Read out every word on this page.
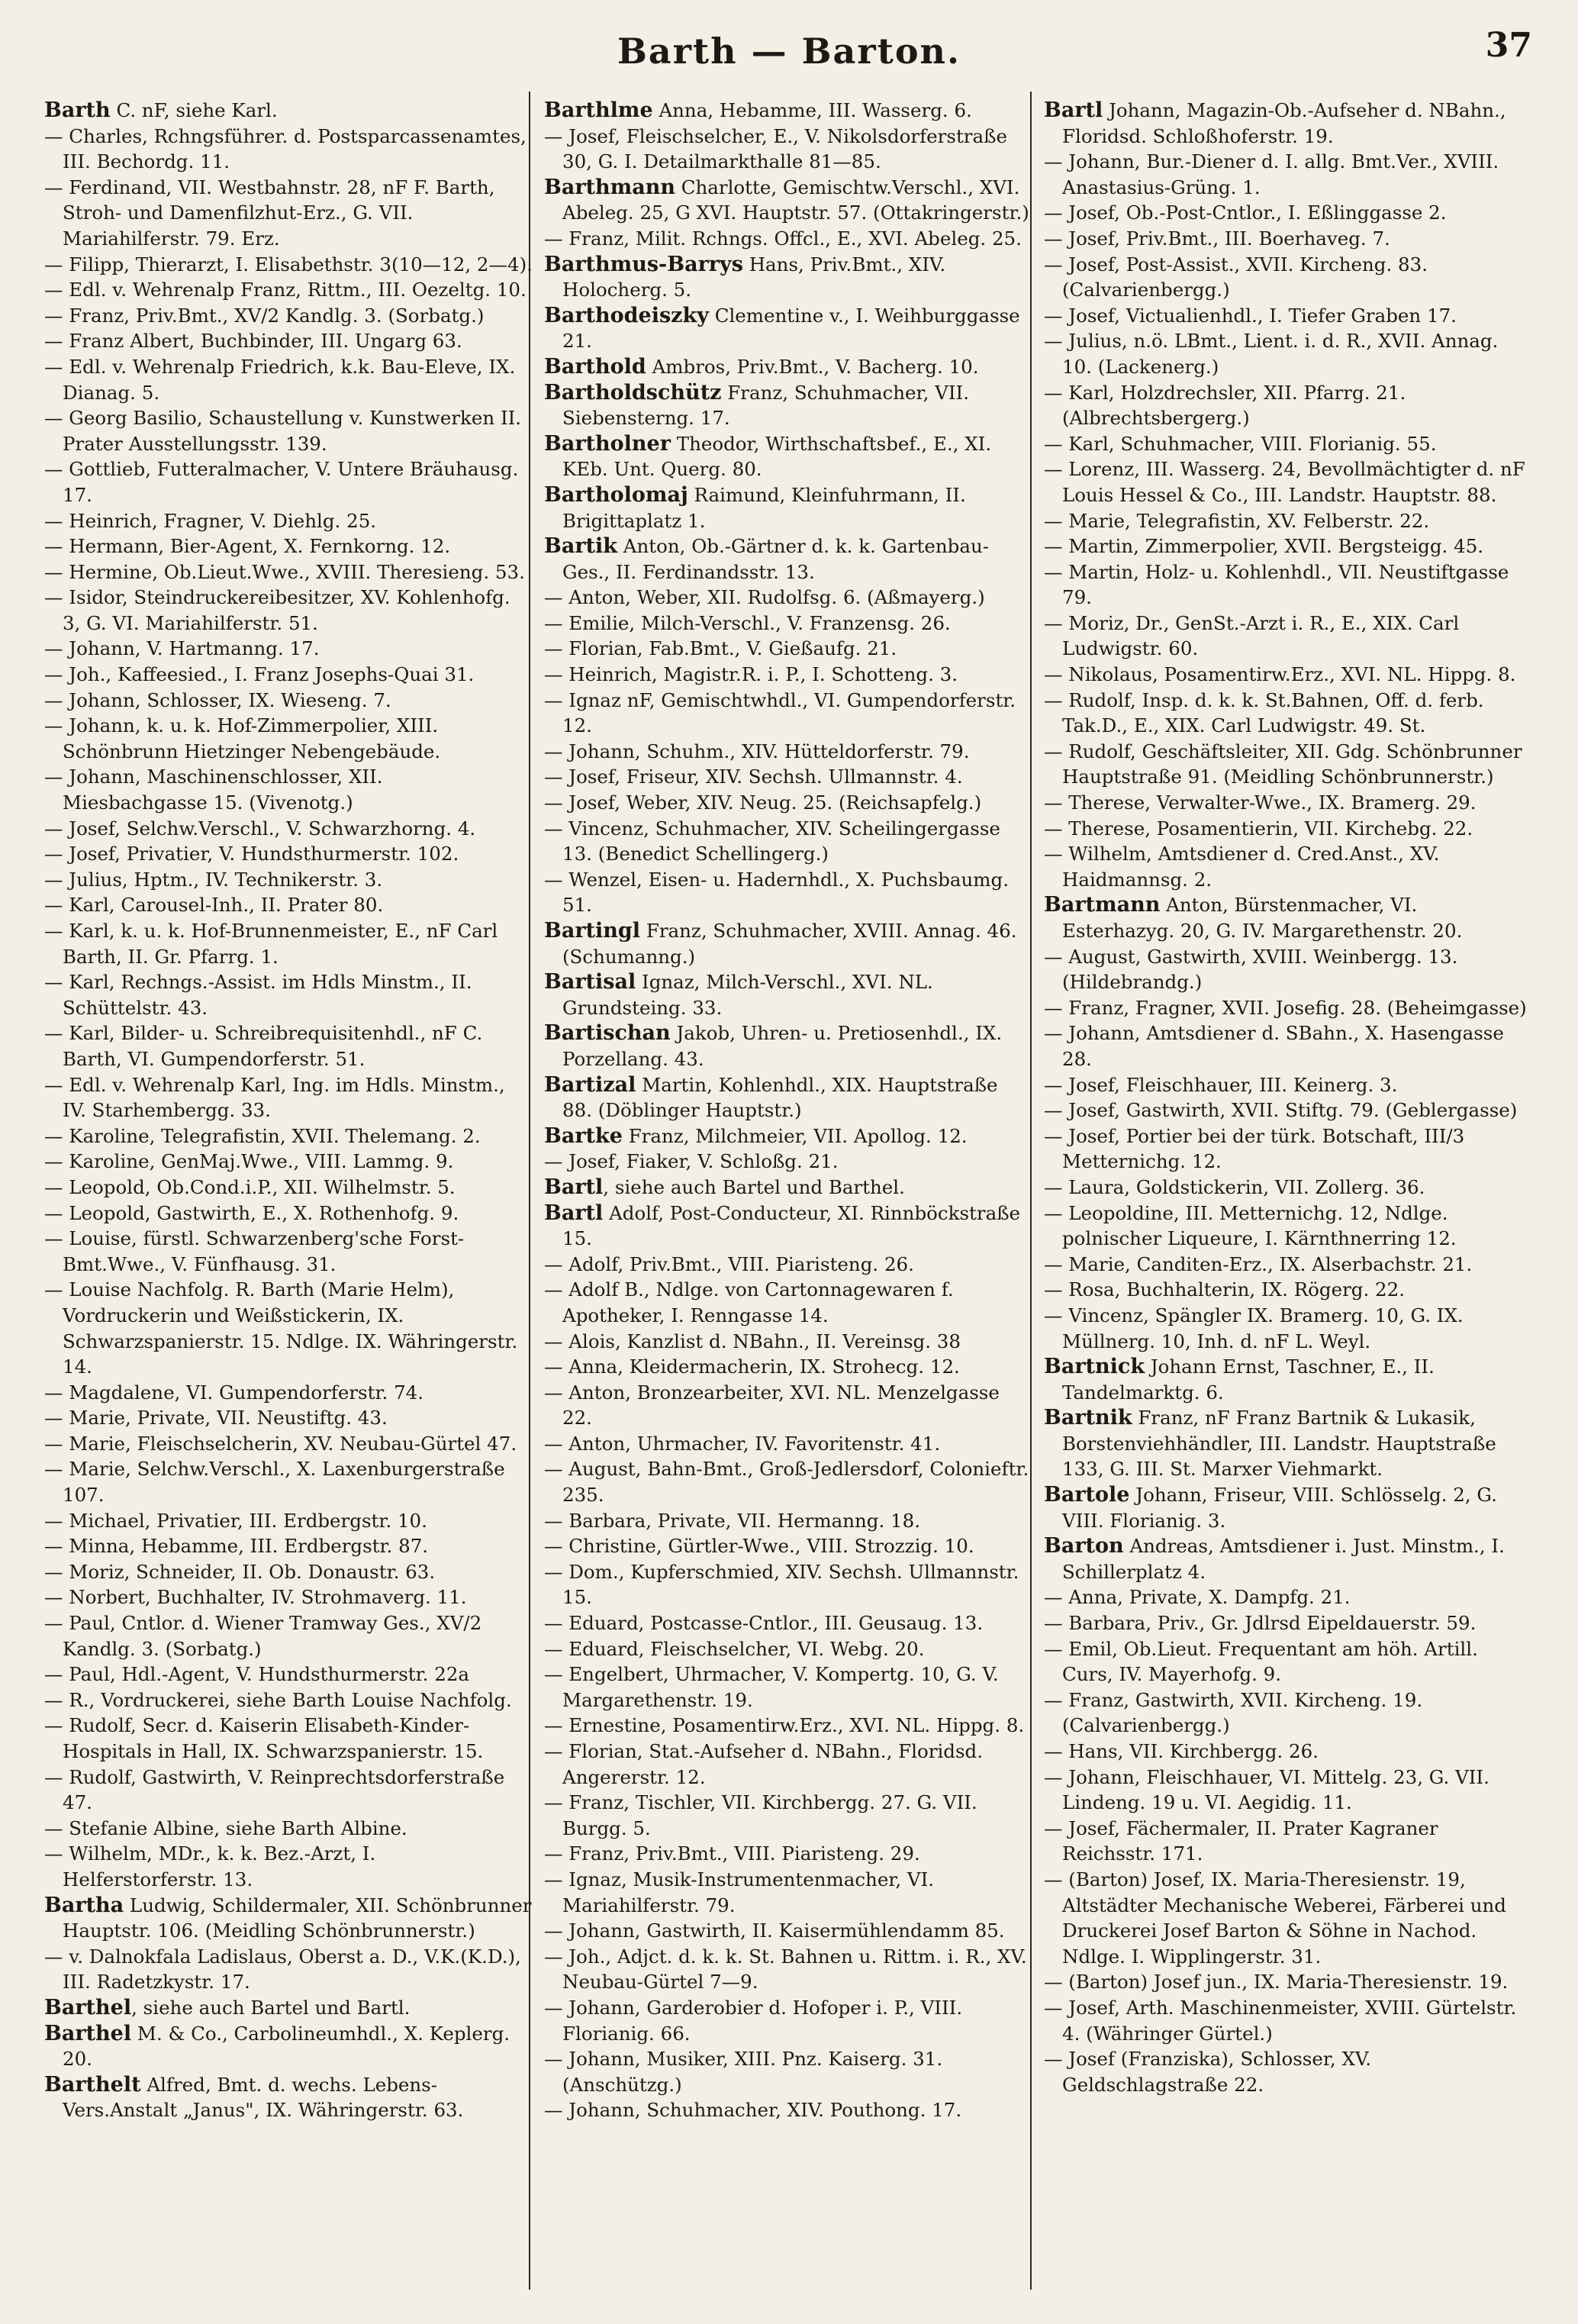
Barth — Barton.	37

Barth C. nF, siehe Karl.

— Charles, Rchngsführer. d. Postsparcassenamtes, III. Bechordg. 11.

— Ferdinand, VII. Westbahnstr. 28, nF F. Barth, Stroh- und Damenfilzhut-Erz., G. VII. Mariahilferstr. 79. Erz.

— Filipp, Thierarzt, I. Elisabethstr. 3(10—12, 2—4).

— Edl. v. Wehrenalp Franz, Rittm., III. Oezeltg. 10.

— Franz, Priv.Bmt., XV/2 Kandlg. 3. (Sorbatg.)

— Franz Albert, Buchbinder, III. Ungarg 63.

— Edl. v. Wehrenalp Friedrich, k.k. Bau-Eleve, IX. Dianag. 5.

— Georg Basilio, Schaustellung v. Kunstwerken II. Prater Ausstellungsstr. 139.

— Gottlieb, Futteralmacher, V. Untere Bräuhausg. 17.

— Heinrich, Fragner, V. Diehlg. 25.

— Hermann, Bier-Agent, X. Fernkorng. 12.

— Hermine, Ob.Lieut.Wwe., XVIII. Theresieng. 53.

— Isidor, Steindruckereibesitzer, XV. Kohlenhofg. 3, G. VI. Mariahilferstr. 51.

— Johann, V. Hartmanng. 17.

— Joh., Kaffeesied., I. Franz Josephs-Quai 31.

— Johann, Schlosser, IX. Wieseng. 7.

— Johann, k. u. k. Hof-Zimmerpolier, XIII. Schönbrunn Hietzinger Nebengebäude.

— Johann, Maschinenschlosser, XII. Miesbachgasse 15. (Vivenotg.)

— Josef, Selchw.Verschl., V. Schwarzhorng. 4.

— Josef, Privatier, V. Hundsthurmerstr. 102.

— Julius, Hptm., IV. Technikerstr. 3.

— Karl, Carousel-Inh., II. Prater 80.

— Karl, k. u. k. Hof-Brunnenmeister, E., nF Carl Barth, II. Gr. Pfarrg. 1.

— Karl, Rechngs.-Assist. im Hdls Minstm., II. Schüttelstr. 43.

— Karl, Bilder- u. Schreibrequisitenhdl., nF C. Barth, VI. Gumpendorferstr. 51.

— Edl. v. Wehrenalp Karl, Ing. im Hdls. Minstm., IV. Starhembergg. 33.

— Karoline, Telegrafistin, XVII. Thelemang. 2.

— Karoline, GenMaj.Wwe., VIII. Lammg. 9.

— Leopold, Ob.Cond.i.P., XII. Wilhelmstr. 5.

— Leopold, Gastwirth, E., X. Rothenhofg. 9.

— Louise, fürstl. Schwarzenberg'sche Forst-Bmt.Wwe., V. Fünfhausg. 31.

— Louise Nachfolg. R. Barth (Marie Helm), Vordruckerin und Weißstickerin, IX. Schwarzspanierstr. 15. Ndlge. IX. Währingerstr. 14.

— Magdalene, VI. Gumpendorferstr. 74.

— Marie, Private, VII. Neustiftg. 43.

— Marie, Fleischselcherin, XV. Neubau-Gürtel 47.

— Marie, Selchw.Verschl., X. Laxenburgerstraße 107.

— Michael, Privatier, III. Erdbergstr. 10.

— Minna, Hebamme, III. Erdbergstr. 87.

— Moriz, Schneider, II. Ob. Donaustr. 63.

— Norbert, Buchhalter, IV. Strohmaverg. 11.

— Paul, Cntlor. d. Wiener Tramway Ges., XV/2 Kandlg. 3. (Sorbatg.)

— Paul, Hdl.-Agent, V. Hundsthurmerstr. 22a

— R., Vordruckerei, siehe Barth Louise Nachfolg.

— Rudolf, Secr. d. Kaiserin Elisabeth-Kinder-Hospitals in Hall, IX. Schwarzspanierstr. 15.

— Rudolf, Gastwirth, V. Reinprechtsdorferstraße 47.

— Stefanie Albine, siehe Barth Albine.

— Wilhelm, MDr., k. k. Bez.-Arzt, I. Helferstorferstr. 13.

Bartha Ludwig, Schildermaler, XII. Schönbrunner Hauptstr. 106. (Meidling Schönbrunnerstr.)

— v. Dalnokfala Ladislaus, Oberst a. D., V.K.(K.D.), III. Radetzkystr. 17.

Barthel, siehe auch Bartel und Bartl.

Barthel M. & Co., Carbolineumhdl., X. Keplerg. 20.

Barthelt Alfred, Bmt. d. wechs. Lebens-Vers.Anstalt „Janus", IX. Währingerstr. 63.

Barthlme Anna, Hebamme, III. Wasserg. 6.

— Josef, Fleischselcher, E., V. Nikolsdorferstraße 30, G. I. Detailmarkthalle 81—85.

Barthmann Charlotte, Gemischtw.Verschl., XVI. Abeleg. 25, G XVI. Hauptstr. 57. (Ottakringerstr.)

— Franz, Milit. Rchngs. Offcl., E., XVI. Abeleg. 25.

Barthmus-Barrys Hans, Priv.Bmt., XIV. Holocherg. 5.

Barthodeiszky Clementine v., I. Weihburggasse 21.

Barthold Ambros, Priv.Bmt., V. Bacherg. 10.

Bartholdschütz Franz, Schuhmacher, VII. Siebensterng. 17.

Bartholner Theodor, Wirthschaftsbef., E., XI. KEb. Unt. Querg. 80.

Bartholomaj Raimund, Kleinfuhrmann, II. Brigittaplatz 1.

Bartik Anton, Ob.-Gärtner d. k. k. Gartenbau-Ges., II. Ferdinandsstr. 13.

— Anton, Weber, XII. Rudolfsg. 6. (Aßmayerg.)

— Emilie, Milch-Verschl., V. Franzensg. 26.

— Florian, Fab.Bmt., V. Gießaufg. 21.

— Heinrich, Magistr.R. i. P., I. Schotteng. 3.

— Ignaz nF, Gemischtwhdl., VI. Gumpendorferstr. 12.

— Johann, Schuhm., XIV. Hütteldorferstr. 79.

— Josef, Friseur, XIV. Sechsh. Ullmannstr. 4.

— Josef, Weber, XIV. Neug. 25. (Reichsapfelg.)

— Vincenz, Schuhmacher, XIV. Scheilingergasse 13. (Benedict Schellingerg.)

— Wenzel, Eisen- u. Hadernhdl., X. Puchsbaumg. 51.

Bartingl Franz, Schuhmacher, XVIII. Annag. 46. (Schumanng.)

Bartisal Ignaz, Milch-Verschl., XVI. NL. Grundsteing. 33.

Bartischan Jakob, Uhren- u. Pretiosenhdl., IX. Porzellang. 43.

Bartizal Martin, Kohlenhdl., XIX. Hauptstraße 88. (Döblinger Hauptstr.)

Bartke Franz, Milchmeier, VII. Apollog. 12.

— Josef, Fiaker, V. Schloßg. 21.

Bartl, siehe auch Bartel und Barthel.

Bartl Adolf, Post-Conducteur, XI. Rinnböckstraße 15.

— Adolf, Priv.Bmt., VIII. Piaristeng. 26.

— Adolf B., Ndlge. von Cartonnagewaren f. Apotheker, I. Renngasse 14.

— Alois, Kanzlist d. NBahn., II. Vereinsg. 38

— Anna, Kleidermacherin, IX. Strohecg. 12.

— Anton, Bronzearbeiter, XVI. NL. Menzelgasse 22.

— Anton, Uhrmacher, IV. Favoritenstr. 41.

— August, Bahn-Bmt., Groß-Jedlersdorf, Colonieftr. 235.

— Barbara, Private, VII. Hermanng. 18.

— Christine, Gürtler-Wwe., VIII. Strozzig. 10.

— Dom., Kupferschmied, XIV. Sechsh. Ullmannstr. 15.

— Eduard, Postcasse-Cntlor., III. Geusaug. 13.

— Eduard, Fleischselcher, VI. Webg. 20.

— Engelbert, Uhrmacher, V. Kompertg. 10, G. V. Margarethenstr. 19.

— Ernestine, Posamentirw.Erz., XVI. NL. Hippg. 8.

— Florian, Stat.-Aufseher d. NBahn., Floridsd. Angererstr. 12.

— Franz, Tischler, VII. Kirchbergg. 27. G. VII. Burgg. 5.

— Franz, Priv.Bmt., VIII. Piaristeng. 29.

— Ignaz, Musik-Instrumentenmacher, VI. Mariahilferstr. 79.

— Johann, Gastwirth, II. Kaisermühlendamm 85.

— Joh., Adjct. d. k. k. St. Bahnen u. Rittm. i. R., XV. Neubau-Gürtel 7—9.

— Johann, Garderobier d. Hofoper i. P., VIII. Florianig. 66.

— Johann, Musiker, XIII. Pnz. Kaiserg. 31. (Anschützg.)

— Johann, Schuhmacher, XIV. Pouthong. 17.

Bartl Johann, Magazin-Ob.-Aufseher d. NBahn., Floridsd. Schloßhoferstr. 19.

— Johann, Bur.-Diener d. I. allg. Bmt.Ver., XVIII. Anastasius-Grüng. 1.

— Josef, Ob.-Post-Cntlor., I. Eßlinggasse 2.

— Josef, Priv.Bmt., III. Boerhaveg. 7.

— Josef, Post-Assist., XVII. Kircheng. 83. (Calvarienbergg.)

— Josef, Victualienhdl., I. Tiefer Graben 17.

— Julius, n.ö. LBmt., Lient. i. d. R., XVII. Annag. 10. (Lackenerg.)

— Karl, Holzdrechsler, XII. Pfarrg. 21. (Albrechtsbergerg.)

— Karl, Schuhmacher, VIII. Florianig. 55.

— Lorenz, III. Wasserg. 24, Bevollmächtigter d. nF Louis Hessel & Co., III. Landstr. Hauptstr. 88.

— Marie, Telegrafistin, XV. Felberstr. 22.

— Martin, Zimmerpolier, XVII. Bergsteigg. 45.

— Martin, Holz- u. Kohlenhdl., VII. Neustiftgasse 79.

— Moriz, Dr., GenSt.-Arzt i. R., E., XIX. Carl Ludwigstr. 60.

— Nikolaus, Posamentirw.Erz., XVI. NL. Hippg. 8.

— Rudolf, Insp. d. k. k. St.Bahnen, Off. d. ferb. Tak.D., E., XIX. Carl Ludwigstr. 49. St.

— Rudolf, Geschäftsleiter, XII. Gdg. Schönbrunner Hauptstraße 91. (Meidling Schönbrunnerstr.)

— Therese, Verwalter-Wwe., IX. Bramerg. 29.

— Therese, Posamentierin, VII. Kirchebg. 22.

— Wilhelm, Amtsdiener d. Cred.Anst., XV. Haidmannsg. 2.

Bartmann Anton, Bürstenmacher, VI. Esterhazyg. 20, G. IV. Margarethenstr. 20.

— August, Gastwirth, XVIII. Weinbergg. 13. (Hildebrandg.)

— Franz, Fragner, XVII. Josefig. 28. (Beheimgasse)

— Johann, Amtsdiener d. SBahn., X. Hasengasse 28.

— Josef, Fleischhauer, III. Keinerg. 3.

— Josef, Gastwirth, XVII. Stiftg. 79. (Geblergasse)

— Josef, Portier bei der türk. Botschaft, III/3 Metternichg. 12.

— Laura, Goldstickerin, VII. Zollerg. 36.

— Leopoldine, III. Metternichg. 12, Ndlge. polnischer Liqueure, I. Kärnthnerring 12.

— Marie, Canditen-Erz., IX. Alserbachstr. 21.

— Rosa, Buchhalterin, IX. Rögerg. 22.

— Vincenz, Spängler IX. Bramerg. 10, G. IX. Müllnerg. 10, Inh. d. nF L. Weyl.

Bartnick Johann Ernst, Taschner, E., II. Tandelmarktg. 6.

Bartnik Franz, nF Franz Bartnik & Lukasik, Borstenviehhändler, III. Landstr. Hauptstraße 133, G. III. St. Marxer Viehmarkt.

Bartole Johann, Friseur, VIII. Schlösselg. 2, G. VIII. Florianig. 3.

Barton Andreas, Amtsdiener i. Just. Minstm., I. Schillerplatz 4.

— Anna, Private, X. Dampfg. 21.

— Barbara, Priv., Gr. Jdlrsd Eipeldauerstr. 59.

— Emil, Ob.Lieut. Frequentant am höh. Artill. Curs, IV. Mayerhofg. 9.

— Franz, Gastwirth, XVII. Kircheng. 19. (Calvarienbergg.)

— Hans, VII. Kirchbergg. 26.

— Johann, Fleischhauer, VI. Mittelg. 23, G. VII. Lindeng. 19 u. VI. Aegidig. 11.

— Josef, Fächermaler, II. Prater Kagraner Reichsstr. 171.

— (Barton) Josef, IX. Maria-Theresienstr. 19, Altstädter Mechanische Weberei, Färberei und Druckerei Josef Barton & Söhne in Nachod. Ndlge. I. Wipplingerstr. 31.

— (Barton) Josef jun., IX. Maria-Theresienstr. 19.

— Josef, Arth. Maschinenmeister, XVIII. Gürtelstr. 4. (Währinger Gürtel.)

— Josef (Franziska), Schlosser, XV. Geldschlagstraße 22.
